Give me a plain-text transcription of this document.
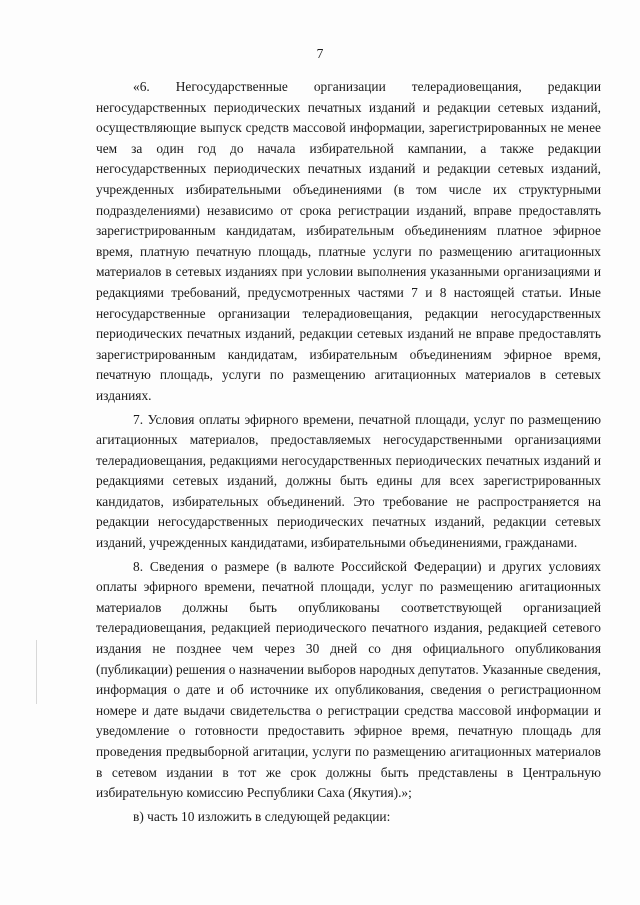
7

«6. Негосударственные организации телерадиовещания, редакции негосударственных периодических печатных изданий и редакции сетевых изданий, осуществляющие выпуск средств массовой информации, зарегистрированных не менее чем за один год до начала избирательной кампании, а также редакции негосударственных периодических печатных изданий и редакции сетевых изданий, учрежденных избирательными объединениями (в том числе их структурными подразделениями) независимо от срока регистрации изданий, вправе предоставлять зарегистрированным кандидатам, избирательным объединениям платное эфирное время, платную печатную площадь, платные услуги по размещению агитационных материалов в сетевых изданиях при условии выполнения указанными организациями и редакциями требований, предусмотренных частями 7 и 8 настоящей статьи. Иные негосударственные организации телерадиовещания, редакции негосударственных периодических печатных изданий, редакции сетевых изданий не вправе предоставлять зарегистрированным кандидатам, избирательным объединениям эфирное время, печатную площадь, услуги по размещению агитационных материалов в сетевых изданиях.

7. Условия оплаты эфирного времени, печатной площади, услуг по размещению агитационных материалов, предоставляемых негосударственными организациями телерадиовещания, редакциями негосударственных периодических печатных изданий и редакциями сетевых изданий, должны быть едины для всех зарегистрированных кандидатов, избирательных объединений. Это требование не распространяется на редакции негосударственных периодических печатных изданий, редакции сетевых изданий, учрежденных кандидатами, избирательными объединениями, гражданами.

8. Сведения о размере (в валюте Российской Федерации) и других условиях оплаты эфирного времени, печатной площади, услуг по размещению агитационных материалов должны быть опубликованы соответствующей организацией телерадиовещания, редакцией периодического печатного издания, редакцией сетевого издания не позднее чем через 30 дней со дня официального опубликования (публикации) решения о назначении выборов народных депутатов. Указанные сведения, информация о дате и об источнике их опубликования, сведения о регистрационном номере и дате выдачи свидетельства о регистрации средства массовой информации и уведомление о готовности предоставить эфирное время, печатную площадь для проведения предвыборной агитации, услуги по размещению агитационных материалов в сетевом издании в тот же срок должны быть представлены в Центральную избирательную комиссию Республики Саха (Якутия).»;

в) часть 10 изложить в следующей редакции:
